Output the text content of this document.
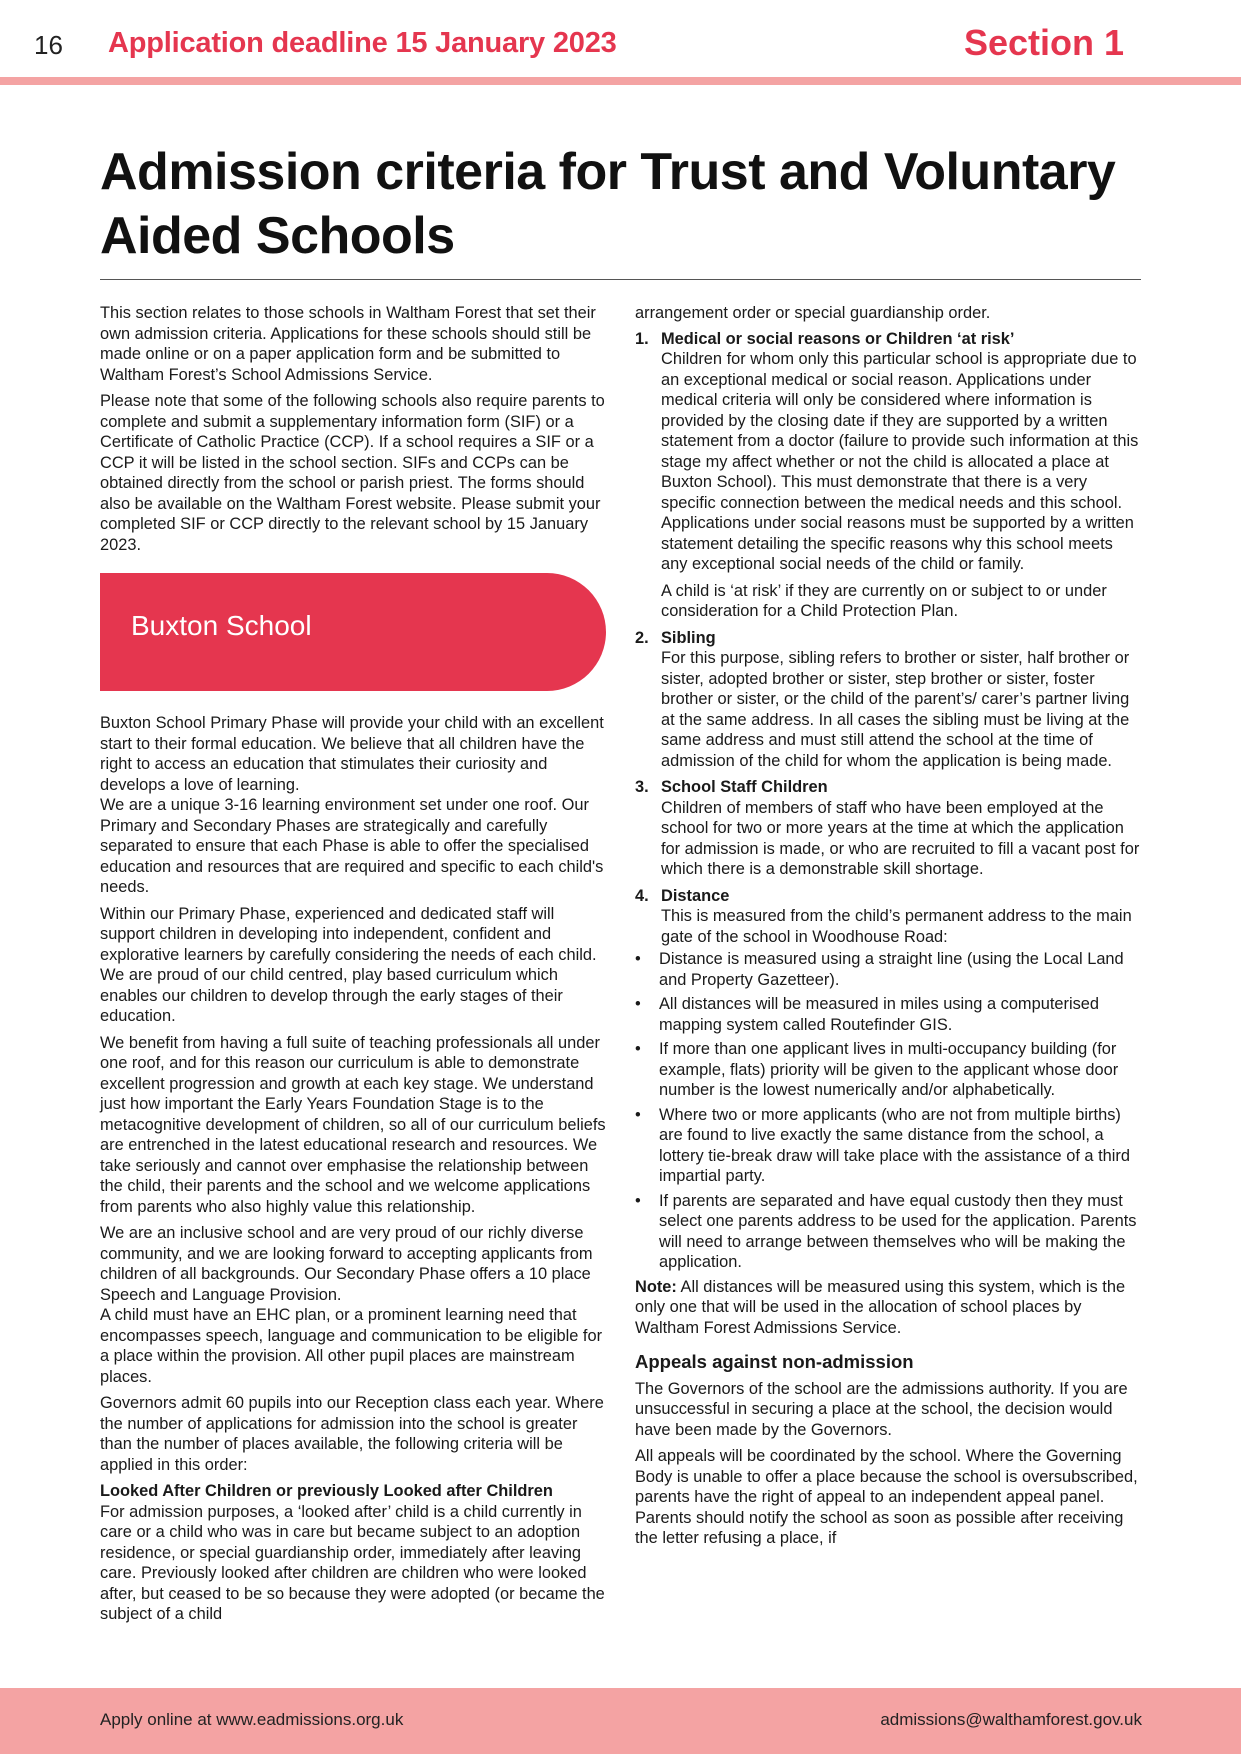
16 Application deadline 15 January 2023	Section 1
Admission criteria for Trust and Voluntary Aided Schools

This section relates to those schools in Waltham Forest that set their own admission criteria. Applications for these schools should still be made online or on a paper application form and be submitted to Waltham Forest’s School Admissions Service.

Please note that some of the following schools also require parents to complete and submit a supplementary information form (SIF) or a Certificate of Catholic Practice (CCP). If a school requires a SIF or a CCP it will be listed in the school section. SIFs and CCPs can be obtained directly from the school or parish priest. The forms should also be available on the Waltham Forest website. Please submit your completed SIF or CCP directly to the relevant school by 15 January 2023.

Buxton School

Buxton School Primary Phase will provide your child with an excellent start to their formal education. We believe that all children have the right to access an education that stimulates their curiosity and develops a love of learning.

We are a unique 3-16 learning environment set under one roof. Our Primary and Secondary Phases are strategically and carefully separated to ensure that each Phase is able to offer the specialised education and resources that are required and specific to each child's needs.

Within our Primary Phase, experienced and dedicated staff will support children in developing into independent, confident and explorative learners by carefully considering the needs of each child. We are proud of our child centred, play based curriculum which enables our children to develop through the early stages of their education.

We benefit from having a full suite of teaching professionals all under one roof, and for this reason our curriculum is able to demonstrate excellent progression and growth at each key stage. We understand just how important the Early Years Foundation Stage is to the metacognitive development of children, so all of our curriculum beliefs are entrenched in the latest educational research and resources. We take seriously and cannot over emphasise the relationship between the child, their parents and the school and we welcome applications from parents who also highly value this relationship.

We are an inclusive school and are very proud of our richly diverse community, and we are looking forward to accepting applicants from children of all backgrounds. Our Secondary Phase offers a 10 place Speech and Language Provision.

A child must have an EHC plan, or a prominent learning need that encompasses speech, language and communication to be eligible for a place within the provision. All other pupil places are mainstream places.

Governors admit 60 pupils into our Reception class each year. Where the number of applications for admission into the school is greater than the number of places available, the following criteria will be applied in this order:

Looked After Children or previously Looked after Children

For admission purposes, a ‘looked after’ child is a child currently in care or a child who was in care but became subject to an adoption residence, or special guardianship order, immediately after leaving care. Previously looked after children are children who were looked after, but ceased to be so because they were adopted (or became the subject of a child

arrangement order or special guardianship order.

1. Medical or social reasons or Children ‘at risk’

Children for whom only this particular school is appropriate due to an exceptional medical or social reason. Applications under medical criteria will only be considered where information is provided by the closing date if they are supported by a written statement from a doctor (failure to provide such information at this stage my affect whether or not the child is allocated a place at Buxton School). This must demonstrate that there is a very specific connection between the medical needs and this school. Applications under social reasons must be supported by a written statement detailing the specific reasons why this school meets any exceptional social needs of the child or family.

A child is ‘at risk’ if they are currently on or subject to or under consideration for a Child Protection Plan.

2. Sibling

For this purpose, sibling refers to brother or sister, half brother or sister, adopted brother or sister, step brother or sister, foster brother or sister, or the child of the parent’s/ carer’s partner living at the same address. In all cases the sibling must be living at the same address and must still attend the school at the time of admission of the child for whom the application is being made.

3. School Staff Children

Children of members of staff who have been employed at the school for two or more years at the time at which the application for admission is made, or who are recruited to fill a vacant post for which there is a demonstrable skill shortage.

4. Distance

This is measured from the child’s permanent address to the main gate of the school in Woodhouse Road:

• Distance is measured using a straight line (using the Local Land and Property Gazetteer).
• All distances will be measured in miles using a computerised mapping system called Routefinder GIS.
• If more than one applicant lives in multi-occupancy building (for example, flats) priority will be given to the applicant whose door number is the lowest numerically and/or alphabetically.
• Where two or more applicants (who are not from multiple births) are found to live exactly the same distance from the school, a lottery tie-break draw will take place with the assistance of a third impartial party.
• If parents are separated and have equal custody then they must select one parents address to be used for the application. Parents will need to arrange between themselves who will be making the application.

Note: All distances will be measured using this system, which is the only one that will be used in the allocation of school places by Waltham Forest Admissions Service.

Appeals against non-admission

The Governors of the school are the admissions authority. If you are unsuccessful in securing a place at the school, the decision would have been made by the Governors.

All appeals will be coordinated by the school. Where the Governing Body is unable to offer a place because the school is oversubscribed, parents have the right of appeal to an independent appeal panel. Parents should notify the school as soon as possible after receiving the letter refusing a place, if

Apply online at www.eadmissions.org.uk	admissions@walthamforest.gov.uk
